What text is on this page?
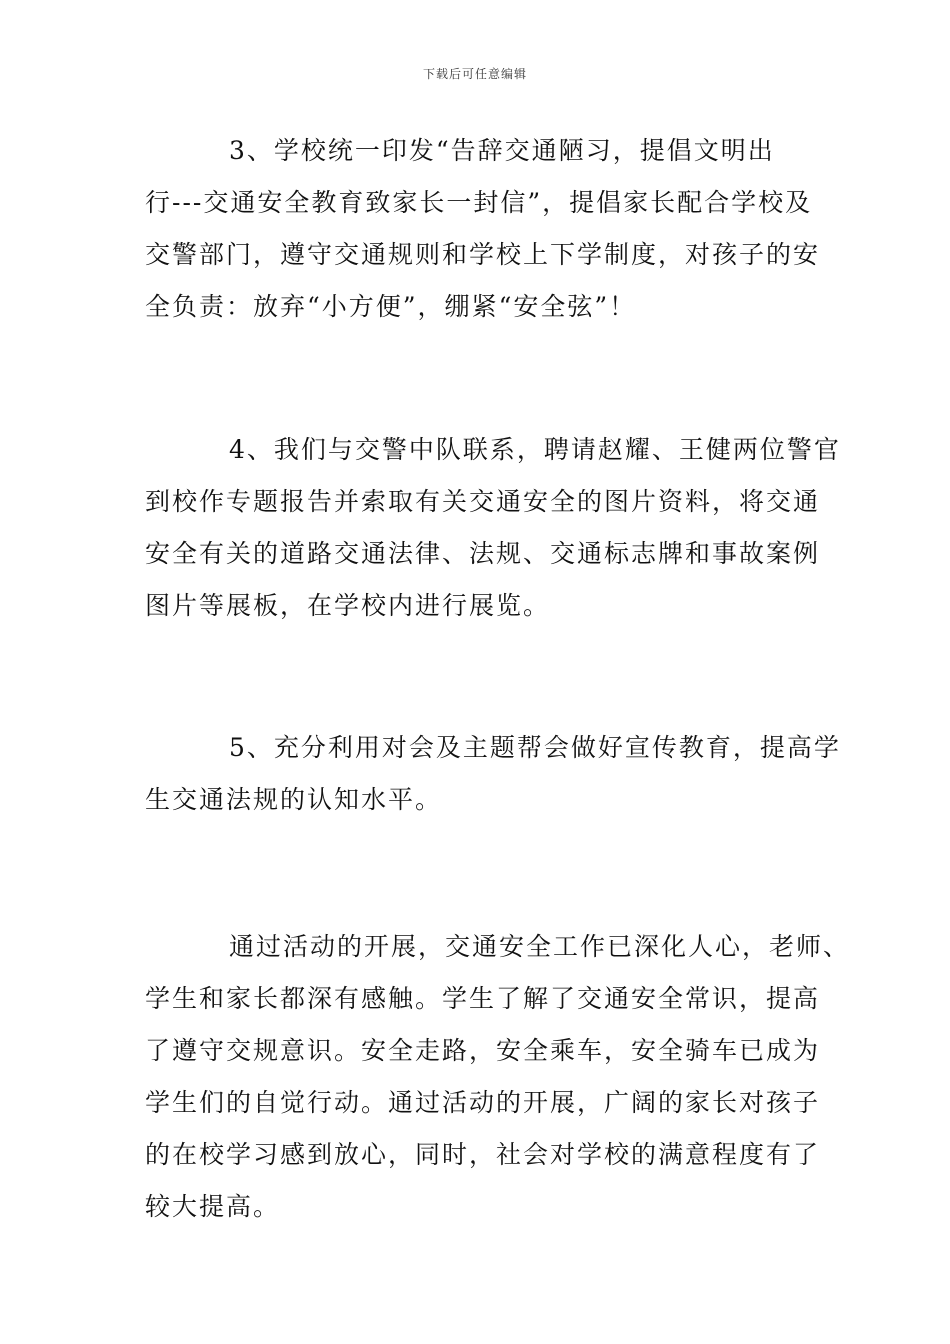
下载后可任意编辑
3、学校统一印发“告辞交通陋习，提倡文明出
行---交通安全教育致家长一封信”，提倡家长配合学校及
交警部门，遵守交通规则和学校上下学制度，对孩子的安
全负责：放弃“小方便”，绷紧“安全弦”！
4、我们与交警中队联系，聘请赵耀、王健两位警官
到校作专题报告并索取有关交通安全的图片资料，将交通
安全有关的道路交通法律、法规、交通标志牌和事故案例
图片等展板，在学校内进行展览。
5、充分利用对会及主题帮会做好宣传教育，提高学
生交通法规的认知水平。
通过活动的开展，交通安全工作已深化人心，老师、
学生和家长都深有感触。学生了解了交通安全常识，提高
了遵守交规意识。安全走路，安全乘车，安全骑车已成为
学生们的自觉行动。通过活动的开展，广阔的家长对孩子
的在校学习感到放心，同时，社会对学校的满意程度有了
较大提高。
